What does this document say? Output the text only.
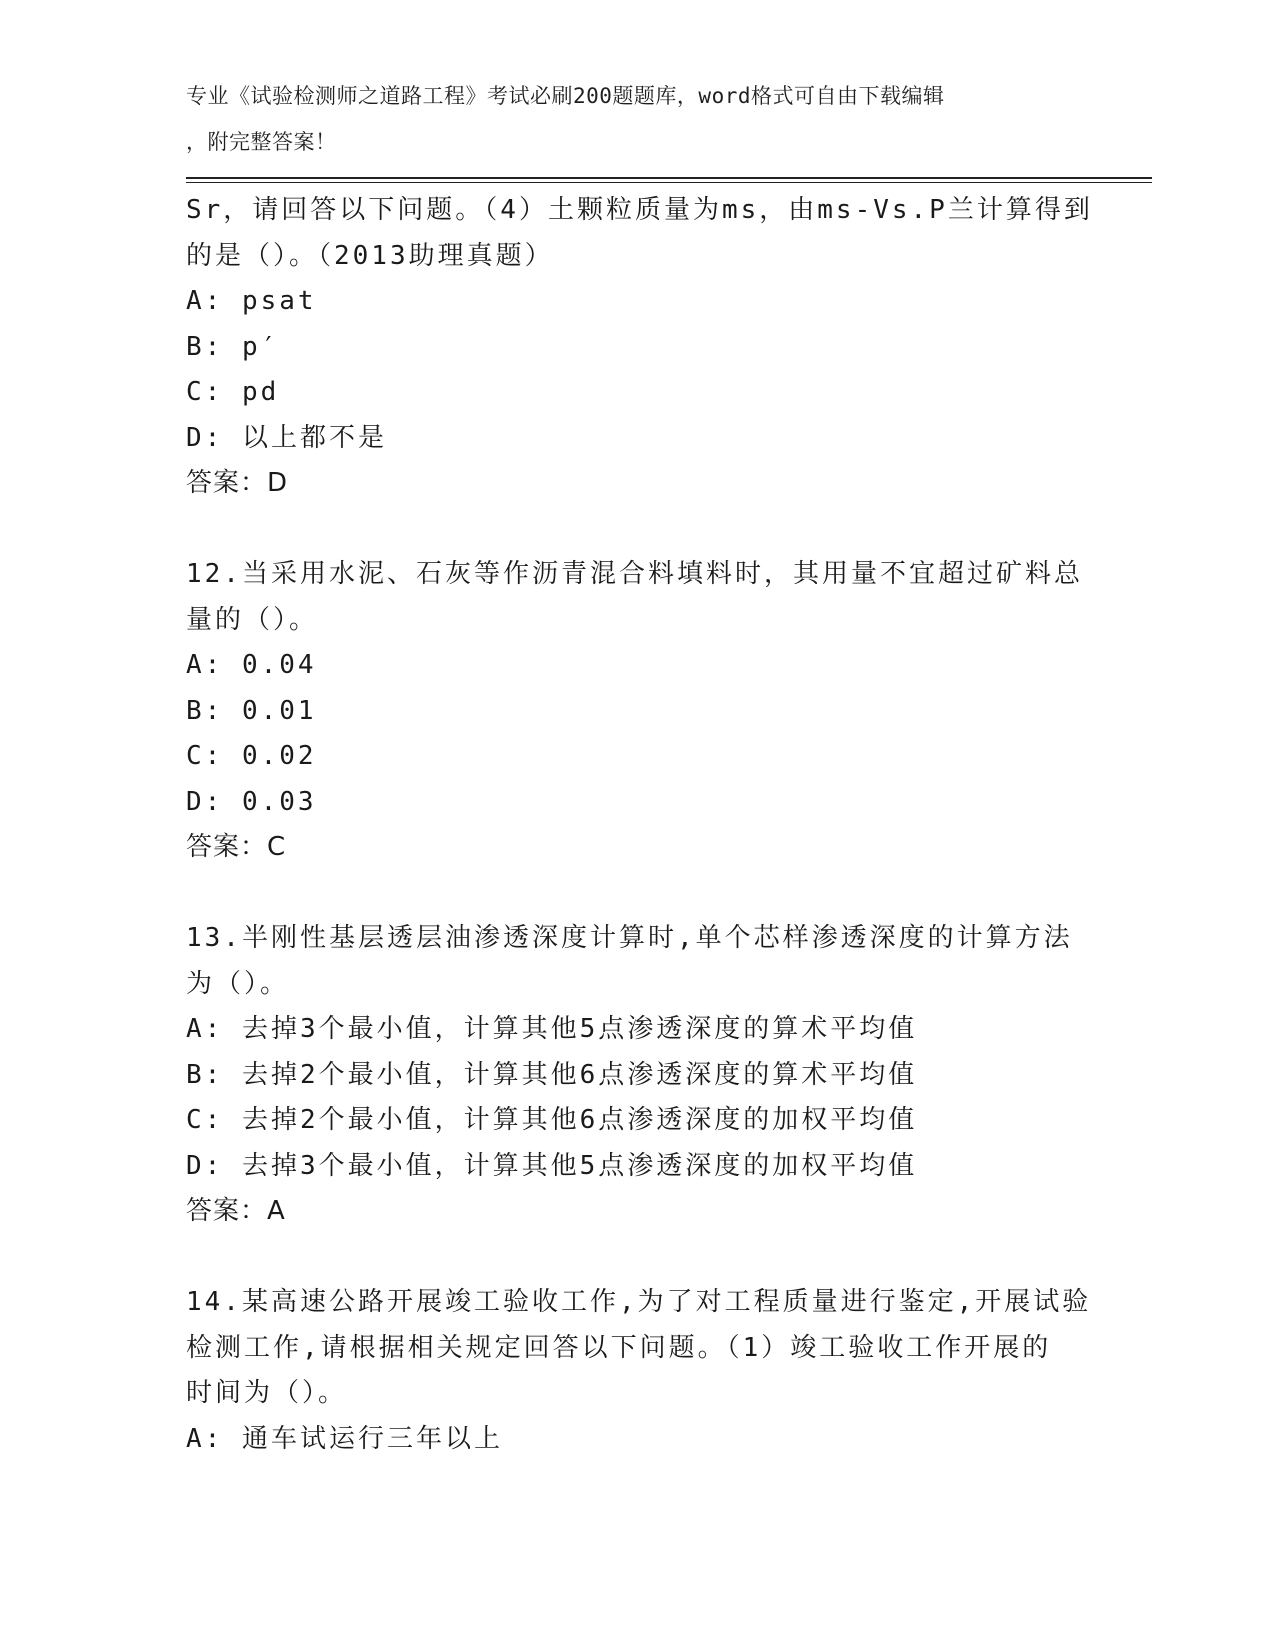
专业《试验检测师之道路工程》考试必刷200题题库，word格式可自由下载编辑
，附完整答案！
Sr，请回答以下问题。（4）土颗粒质量为ms，由ms-Vs.P兰计算得到
的是（）。（2013助理真题）
A: psat
B: p′
C: pd
D: 以上都不是
答案：D
12.当采用水泥、石灰等作沥青混合料填料时，其用量不宜超过矿料总
量的（）。
A: 0.04
B: 0.01
C: 0.02
D: 0.03
答案：C
13.半刚性基层透层油渗透深度计算时,单个芯样渗透深度的计算方法
为（）。
A: 去掉3个最小值，计算其他5点渗透深度的算术平均值
B: 去掉2个最小值，计算其他6点渗透深度的算术平均值
C: 去掉2个最小值，计算其他6点渗透深度的加权平均值
D: 去掉3个最小值，计算其他5点渗透深度的加权平均值
答案：A
14.某高速公路开展竣工验收工作,为了对工程质量进行鉴定,开展试验
检测工作,请根据相关规定回答以下问题。（1）竣工验收工作开展的
时间为（）。
A: 通车试运行三年以上
